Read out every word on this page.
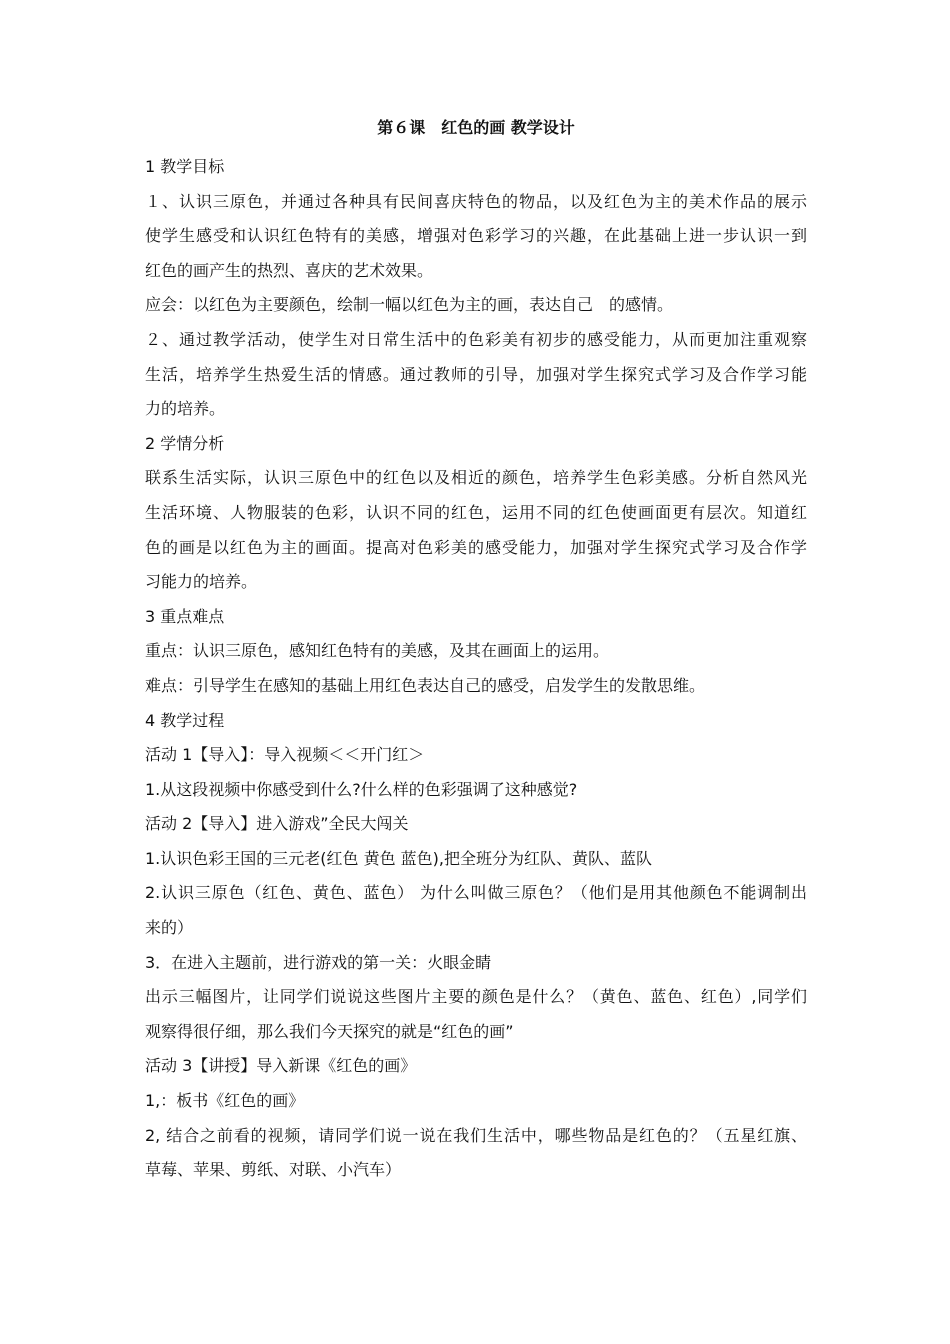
第６课　红色的画 教学设计
1 教学目标
１、认识三原色，并通过各种具有民间喜庆特色的物品，以及红色为主的美术作品的展示
使学生感受和认识红色特有的美感，增强对色彩学习的兴趣，在此基础上进一步认识一到
红色的画产生的热烈、喜庆的艺术效果。
应会：以红色为主要颜色，绘制一幅以红色为主的画，表达自己　的感情。
２、通过教学活动，使学生对日常生活中的色彩美有初步的感受能力，从而更加注重观察
生活，培养学生热爱生活的情感。通过教师的引导，加强对学生探究式学习及合作学习能
力的培养。
2 学情分析
联系生活实际，认识三原色中的红色以及相近的颜色，培养学生色彩美感。分析自然风光
生活环境、人物服装的色彩，认识不同的红色，运用不同的红色使画面更有层次。知道红
色的画是以红色为主的画面。提高对色彩美的感受能力，加强对学生探究式学习及合作学
习能力的培养。
3 重点难点
重点：认识三原色，感知红色特有的美感，及其在画面上的运用。
难点：引导学生在感知的基础上用红色表达自己的感受，启发学生的发散思维。
4 教学过程
活动 1【导入】：导入视频＜＜开门红＞
1.从这段视频中你感受到什么?什么样的色彩强调了这种感觉?
活动 2【导入】进入游戏”全民大闯关
1.认识色彩王国的三元老(红色 黄色 蓝色),把全班分为红队、黄队、蓝队
2.认识三原色（红色、黄色、蓝色） 为什么叫做三原色？（他们是用其他颜色不能调制出
来的）
3．在进入主题前，进行游戏的第一关：火眼金睛
出示三幅图片，让同学们说说这些图片主要的颜色是什么？（黄色、蓝色、红色）,同学们
观察得很仔细，那么我们今天探究的就是“红色的画”
活动 3【讲授】导入新课《红色的画》
1,：板书《红色的画》
2, 结合之前看的视频，请同学们说一说在我们生活中，哪些物品是红色的？（五星红旗、
草莓、苹果、剪纸、对联、小汽车）
